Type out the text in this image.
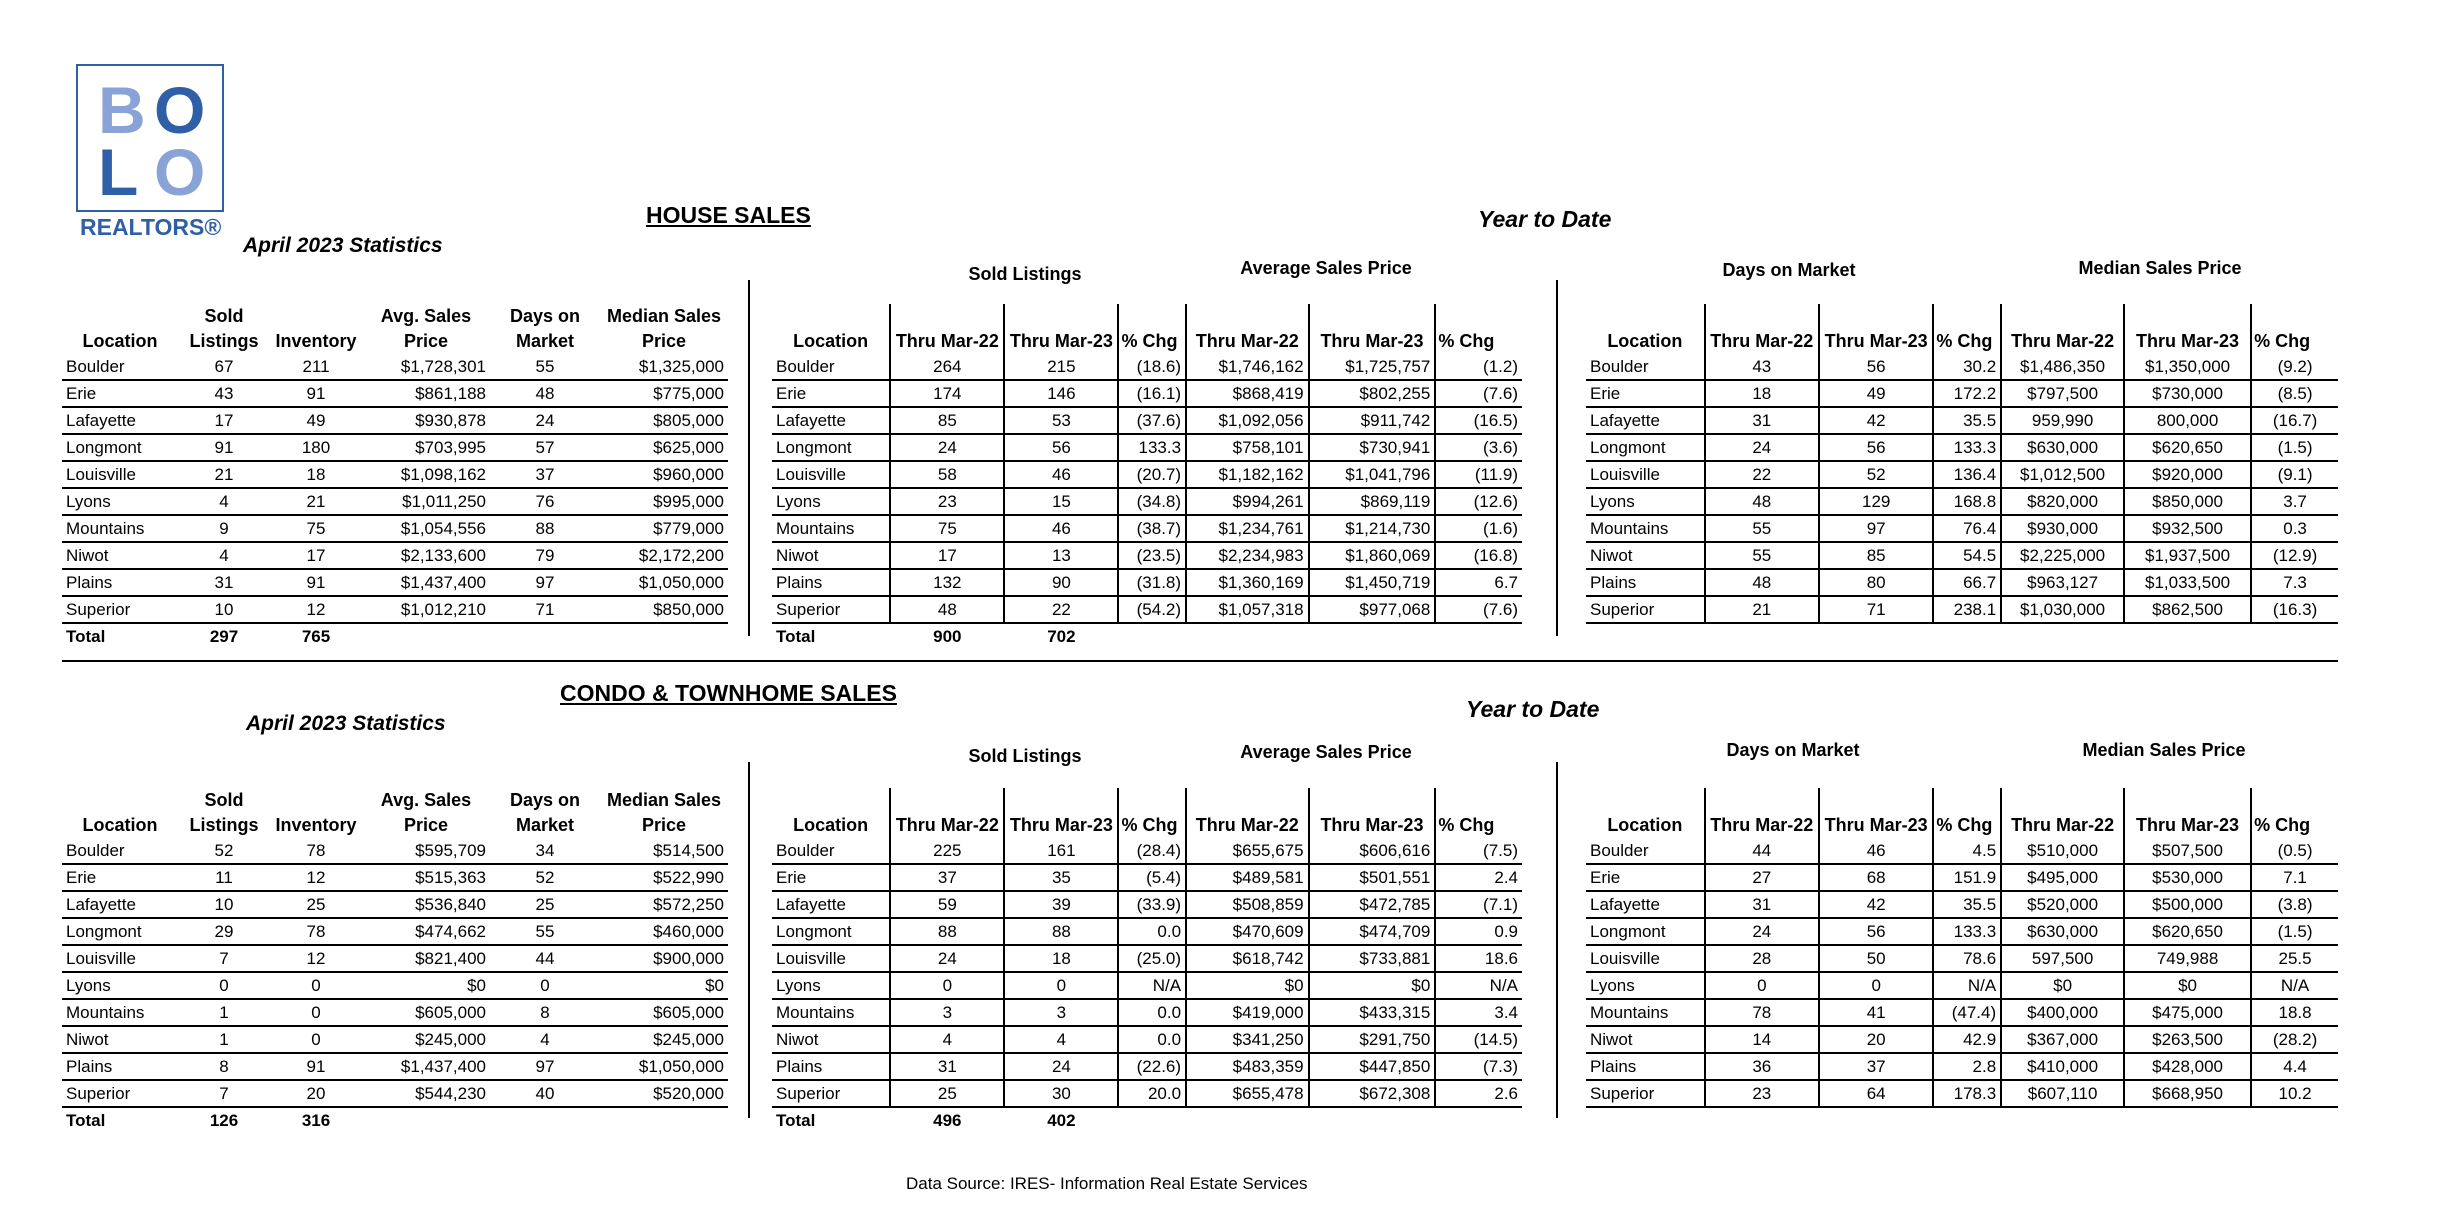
B O
L O
REALTORS®	HOUSE SALES	Year to Date
April 2023 Statistics
Sold Listings	Average Sales Price	Days on Market	Median Sales Price
Location	Sold Listings	Inventory	Avg. Sales Price	Days on Market	Median Sales Price
Boulder	67	211	$1,728,301	55	$1,325,000
Erie	43	91	$861,188	48	$775,000
Lafayette	17	49	$930,878	24	$805,000
Longmont	91	180	$703,995	57	$625,000
Louisville	21	18	$1,098,162	37	$960,000
Lyons	4	21	$1,011,250	76	$995,000
Mountains	9	75	$1,054,556	88	$779,000
Niwot	4	17	$2,133,600	79	$2,172,200
Plains	31	91	$1,437,400	97	$1,050,000
Superior	10	12	$1,012,210	71	$850,000
Total	297	765			
Location	Thru Mar-22	Thru Mar-23	% Chg	Thru Mar-22	Thru Mar-23	% Chg
Boulder	264	215	(18.6)	$1,746,162	$1,725,757	(1.2)
Erie	174	146	(16.1)	$868,419	$802,255	(7.6)
Lafayette	85	53	(37.6)	$1,092,056	$911,742	(16.5)
Longmont	24	56	133.3	$758,101	$730,941	(3.6)
Louisville	58	46	(20.7)	$1,182,162	$1,041,796	(11.9)
Lyons	23	15	(34.8)	$994,261	$869,119	(12.6)
Mountains	75	46	(38.7)	$1,234,761	$1,214,730	(1.6)
Niwot	17	13	(23.5)	$2,234,983	$1,860,069	(16.8)
Plains	132	90	(31.8)	$1,360,169	$1,450,719	6.7
Superior	48	22	(54.2)	$1,057,318	$977,068	(7.6)
Total	900	702				
Location	Thru Mar-22	Thru Mar-23	% Chg	Thru Mar-22	Thru Mar-23	% Chg
Boulder	43	56	30.2	$1,486,350	$1,350,000	(9.2)
Erie	18	49	172.2	$797,500	$730,000	(8.5)
Lafayette	31	42	35.5	959,990	800,000	(16.7)
Longmont	24	56	133.3	$630,000	$620,650	(1.5)
Louisville	22	52	136.4	$1,012,500	$920,000	(9.1)
Lyons	48	129	168.8	$820,000	$850,000	3.7
Mountains	55	97	76.4	$930,000	$932,500	0.3
Niwot	55	85	54.5	$2,225,000	$1,937,500	(12.9)
Plains	48	80	66.7	$963,127	$1,033,500	7.3
Superior	21	71	238.1	$1,030,000	$862,500	(16.3)
CONDO & TOWNHOME SALES
Year to Date
April 2023 Statistics
Sold Listings	Average Sales Price	Days on Market	Median Sales Price
Location	Sold Listings	Inventory	Avg. Sales Price	Days on Market	Median Sales Price
Boulder	52	78	$595,709	34	$514,500
Erie	11	12	$515,363	52	$522,990
Lafayette	10	25	$536,840	25	$572,250
Longmont	29	78	$474,662	55	$460,000
Louisville	7	12	$821,400	44	$900,000
Lyons	0	0	$0	0	$0
Mountains	1	0	$605,000	8	$605,000
Niwot	1	0	$245,000	4	$245,000
Plains	8	91	$1,437,400	97	$1,050,000
Superior	7	20	$544,230	40	$520,000
Total	126	316			
Location	Thru Mar-22	Thru Mar-23	% Chg	Thru Mar-22	Thru Mar-23	% Chg
Boulder	225	161	(28.4)	$655,675	$606,616	(7.5)
Erie	37	35	(5.4)	$489,581	$501,551	2.4
Lafayette	59	39	(33.9)	$508,859	$472,785	(7.1)
Longmont	88	88	0.0	$470,609	$474,709	0.9
Louisville	24	18	(25.0)	$618,742	$733,881	18.6
Lyons	0	0	N/A	$0	$0	N/A
Mountains	3	3	0.0	$419,000	$433,315	3.4
Niwot	4	4	0.0	$341,250	$291,750	(14.5)
Plains	31	24	(22.6)	$483,359	$447,850	(7.3)
Superior	25	30	20.0	$655,478	$672,308	2.6
Total	496	402				
Location	Thru Mar-22	Thru Mar-23	% Chg	Thru Mar-22	Thru Mar-23	% Chg
Boulder	44	46	4.5	$510,000	$507,500	(0.5)
Erie	27	68	151.9	$495,000	$530,000	7.1
Lafayette	31	42	35.5	$520,000	$500,000	(3.8)
Longmont	24	56	133.3	$630,000	$620,650	(1.5)
Louisville	28	50	78.6	597,500	749,988	25.5
Lyons	0	0	N/A	$0	$0	N/A
Mountains	78	41	(47.4)	$400,000	$475,000	18.8
Niwot	14	20	42.9	$367,000	$263,500	(28.2)
Plains	36	37	2.8	$410,000	$428,000	4.4
Superior	23	64	178.3	$607,110	$668,950	10.2
Data Source: IRES- Information Real Estate Services
